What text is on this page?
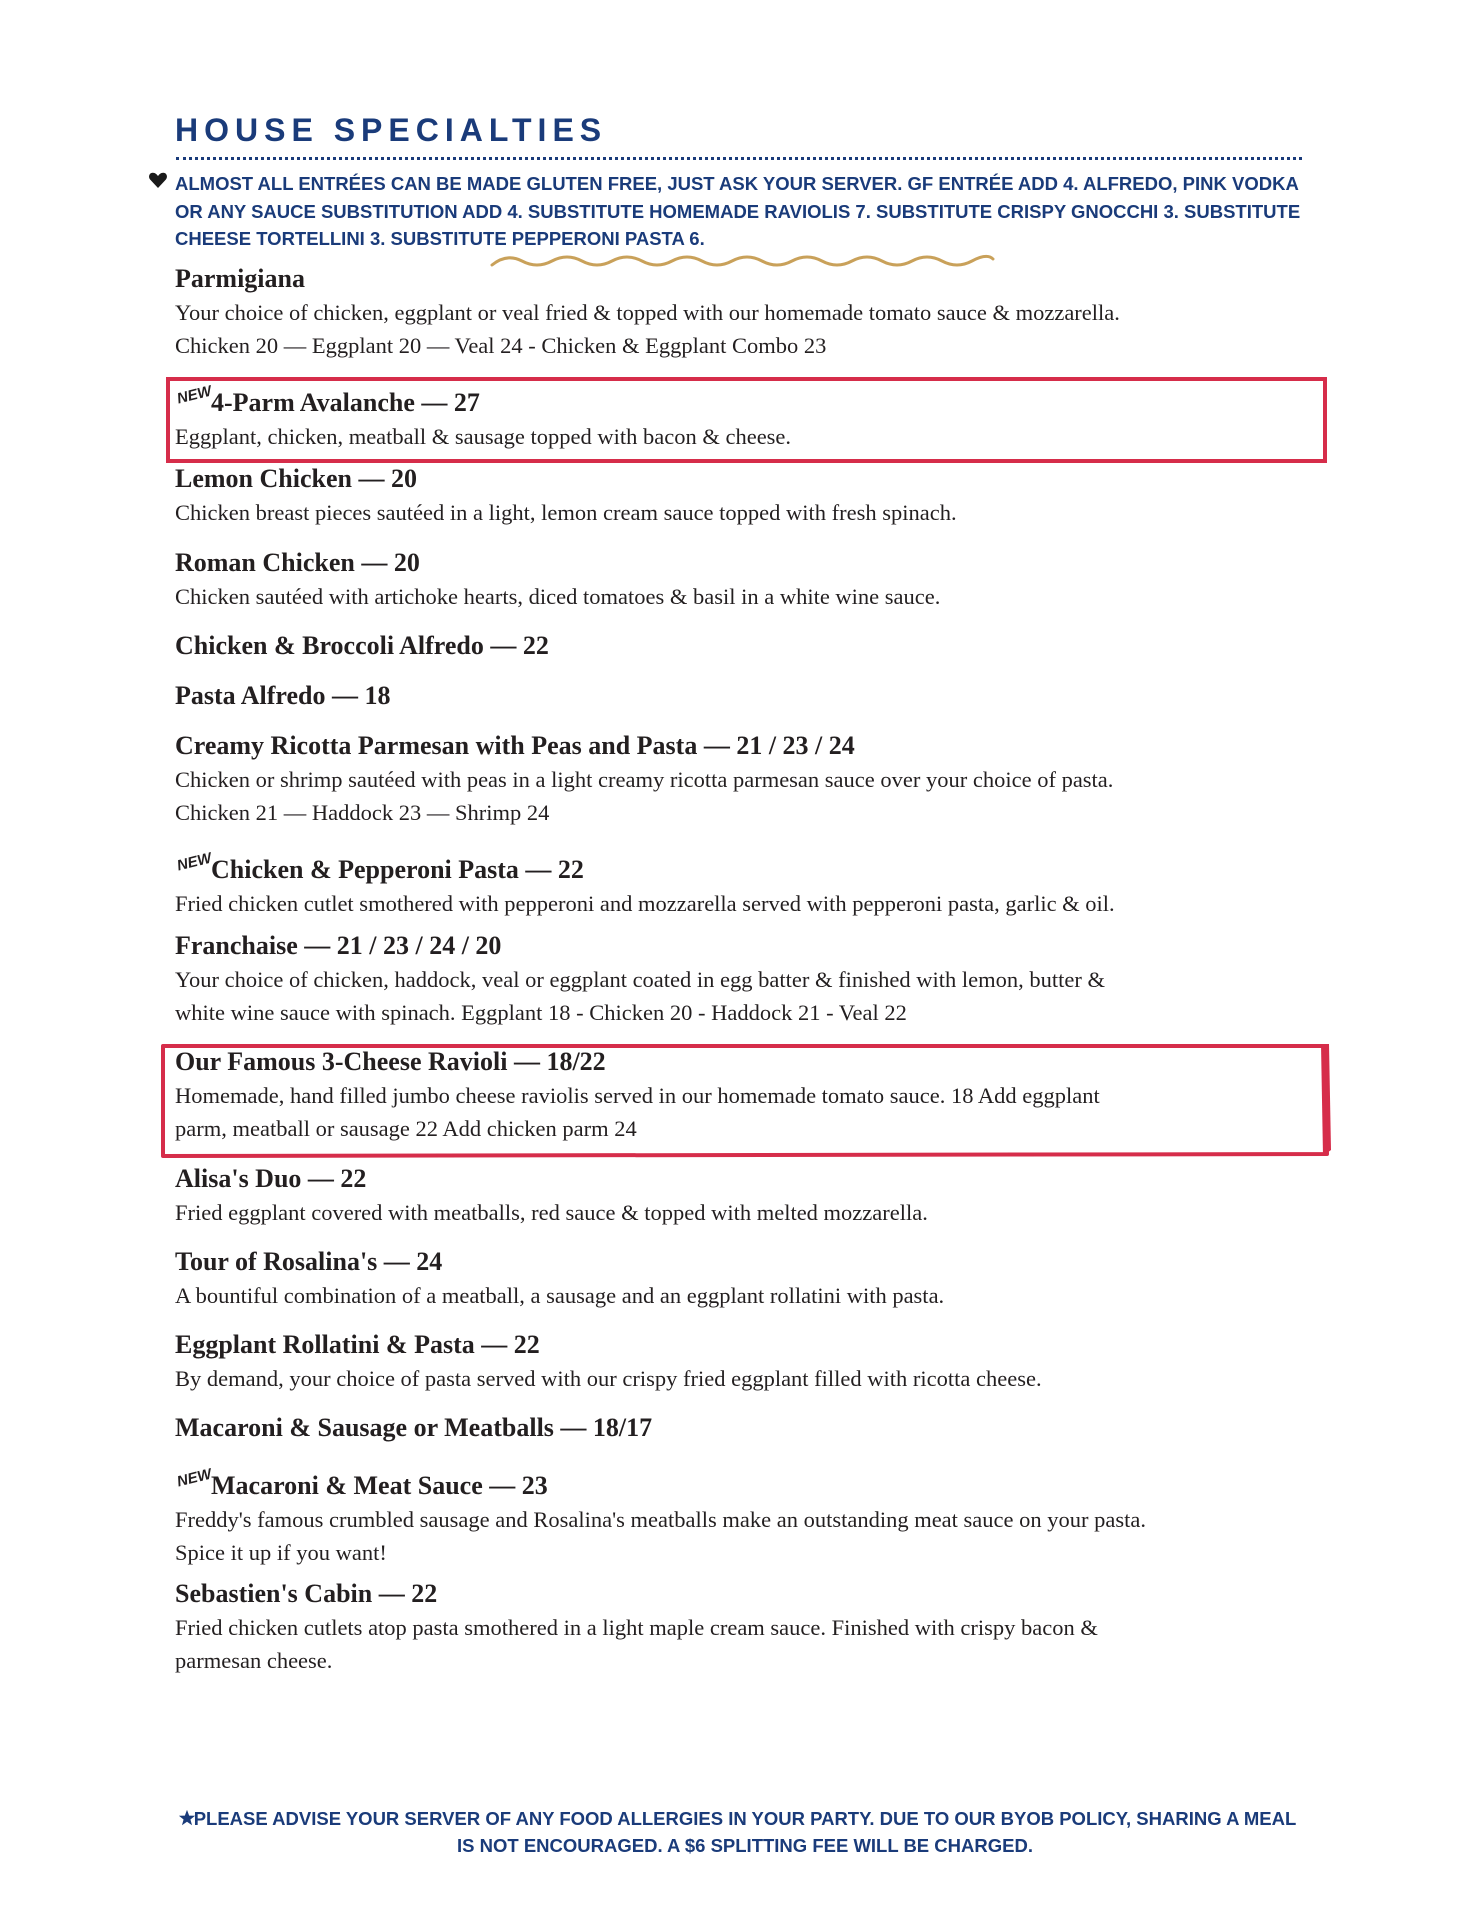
HOUSE SPECIALTIES

ALMOST ALL ENTRÉES CAN BE MADE GLUTEN FREE, JUST ASK YOUR SERVER. GF ENTRÉE ADD 4. ALFREDO, PINK VODKA OR ANY SAUCE SUBSTITUTION ADD 4. SUBSTITUTE HOMEMADE RAVIOLIS 7. SUBSTITUTE CRISPY GNOCCHI 3. SUBSTITUTE CHEESE TORTELLINI 3. SUBSTITUTE PEPPERONI PASTA 6.

Parmigiana

Your choice of chicken, eggplant or veal fried & topped with our homemade tomato sauce & mozzarella.
Chicken 20 — Eggplant 20 — Veal 24 - Chicken & Eggplant Combo 23

NEW
4-Parm Avalanche — 27

Eggplant, chicken, meatball & sausage topped with bacon & cheese.

Lemon Chicken — 20

Chicken breast pieces sautéed in a light, lemon cream sauce topped with fresh spinach.

Roman Chicken — 20

Chicken sautéed with artichoke hearts, diced tomatoes & basil in a white wine sauce.

Chicken & Broccoli Alfredo — 22
Pasta Alfredo — 18
Creamy Ricotta Parmesan with Peas and Pasta — 21 / 23 / 24

Chicken or shrimp sautéed with peas in a light creamy ricotta parmesan sauce over your choice of pasta.
Chicken 21 — Haddock 23 — Shrimp 24

NEW
Chicken & Pepperoni Pasta — 22

Fried chicken cutlet smothered with pepperoni and mozzarella served with pepperoni pasta, garlic & oil.

Franchaise — 21 / 23 / 24 / 20

Your choice of chicken, haddock, veal or eggplant coated in egg batter & finished with lemon, butter &
white wine sauce with spinach. Eggplant 18 - Chicken 20 - Haddock 21 - Veal 22

Our Famous 3-Cheese Ravioli — 18/22

Homemade, hand filled jumbo cheese raviolis served in our homemade tomato sauce. 18 Add eggplant
parm, meatball or sausage 22 Add chicken parm 24

Alisa's Duo — 22

Fried eggplant covered with meatballs, red sauce & topped with melted mozzarella.

Tour of Rosalina's — 24

A bountiful combination of a meatball, a sausage and an eggplant rollatini with pasta.

Eggplant Rollatini & Pasta — 22

By demand, your choice of pasta served with our crispy fried eggplant filled with ricotta cheese.

Macaroni & Sausage or Meatballs — 18/17
NEW
Macaroni & Meat Sauce — 23

Freddy's famous crumbled sausage and Rosalina's meatballs make an outstanding meat sauce on your pasta.
Spice it up if you want!

Sebastien's Cabin — 22

Fried chicken cutlets atop pasta smothered in a light maple cream sauce. Finished with crispy bacon &
parmesan cheese.

PLEASE ADVISE YOUR SERVER OF ANY FOOD ALLERGIES IN YOUR PARTY. DUE TO OUR BYOB POLICY, SHARING A MEAL IS NOT ENCOURAGED. A $6 SPLITTING FEE WILL BE CHARGED.
